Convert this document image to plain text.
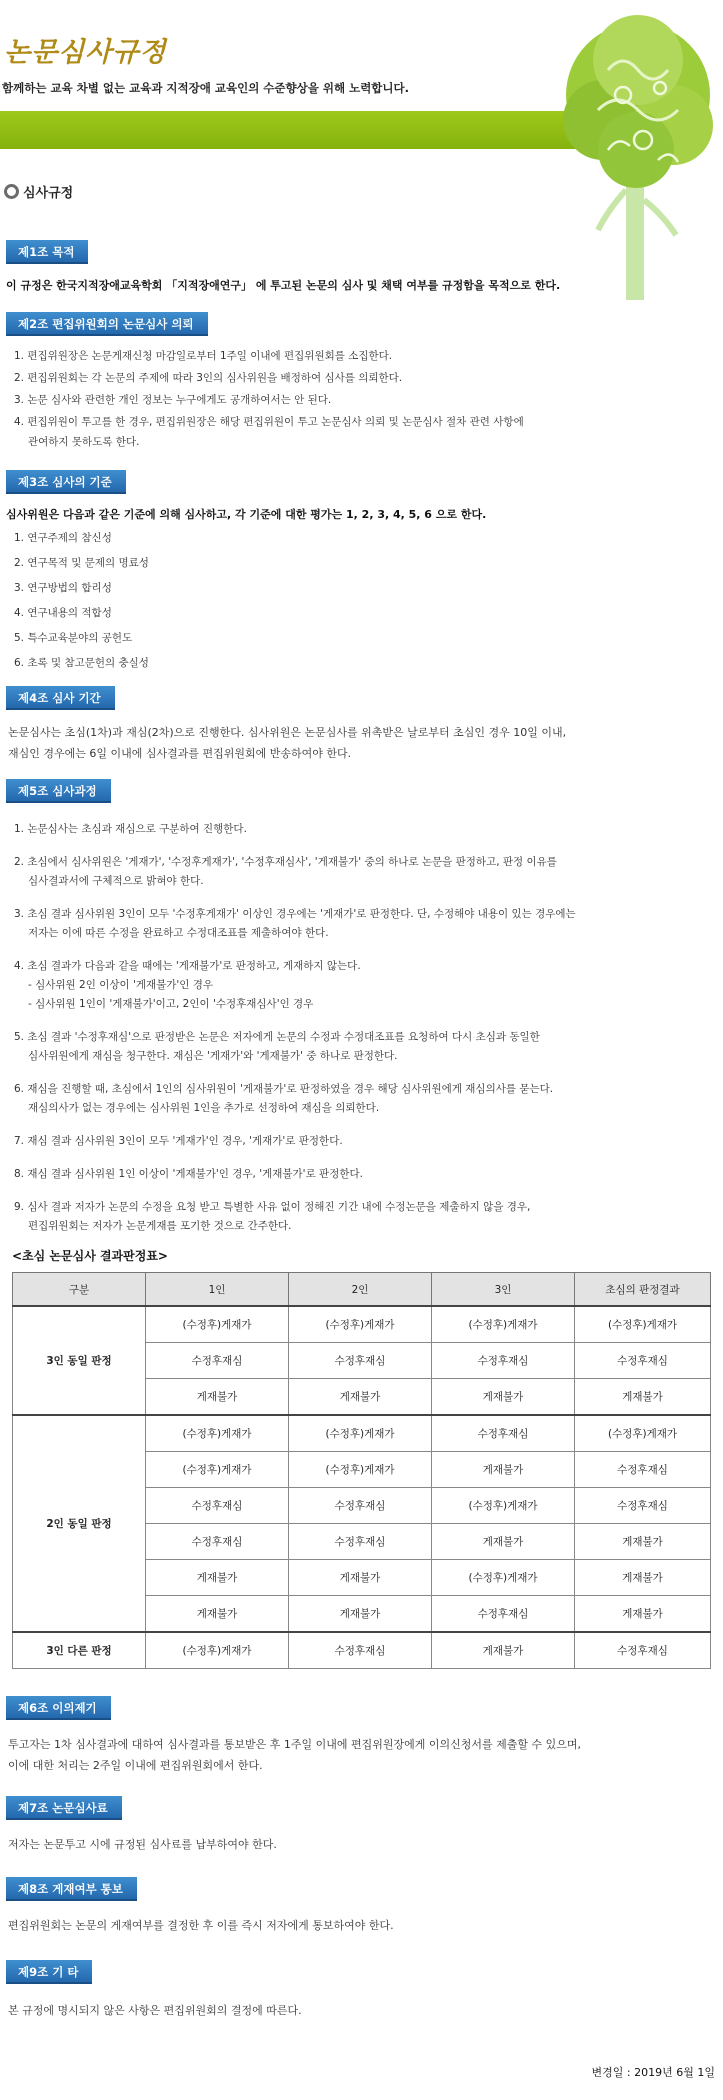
논문심사규정
함께하는 교육 차별 없는 교육과 지적장애 교육인의 수준향상을 위해 노력합니다.
심사규정
제1조 목적
이 규정은 한국지적장애교육학회 「지적장애연구」 에 투고된 논문의 심사 및 채택 여부를 규정함을 목적으로 한다.
제2조 편집위원회의 논문심사 의뢰
1. 편집위원장은 논문게재신청 마감일로부터 1주일 이내에 편집위원회를 소집한다.
2. 편집위원회는 각 논문의 주제에 따라 3인의 심사위원을 배정하여 심사를 의뢰한다.
3. 논문 심사와 관련한 개인 정보는 누구에게도 공개하여서는 안 된다.
4. 편집위원이 투고를 한 경우, 편집위원장은 해당 편집위원이 투고 논문심사 의뢰 및 논문심사 절차 관련 사항에
관여하지 못하도록 한다.
제3조 심사의 기준
심사위원은 다음과 같은 기준에 의해 심사하고, 각 기준에 대한 평가는 1, 2, 3, 4, 5, 6 으로 한다.
1. 연구주제의 참신성
2. 연구목적 및 문제의 명료성
3. 연구방법의 합리성
4. 연구내용의 적합성
5. 특수교육분야의 공헌도
6. 초록 및 참고문헌의 충실성
제4조 심사 기간
논문심사는 초심(1차)과 재심(2차)으로 진행한다. 심사위원은 논문심사를 위촉받은 날로부터 초심인 경우 10일 이내,
재심인 경우에는 6일 이내에 심사결과를 편집위원회에 반송하여야 한다.
제5조 심사과정
1. 논문심사는 초심과 재심으로 구분하여 진행한다.
2. 초심에서 심사위원은 '게재가', '수정후게재가', '수정후재심사', '게재불가' 중의 하나로 논문을 판정하고, 판정 이유를
심사결과서에 구체적으로 밝혀야 한다.
3. 초심 결과 심사위원 3인이 모두 '수정후게재가' 이상인 경우에는 '게재가'로 판정한다. 단, 수정해야 내용이 있는 경우에는
저자는 이에 따른 수정을 완료하고 수정대조표를 제출하여야 한다.
4. 초심 결과가 다음과 같을 때에는 '게재불가'로 판정하고, 게재하지 않는다.
- 심사위원 2인 이상이 '게재불가'인 경우
- 심사위원 1인이 '게재불가'이고, 2인이 '수정후재심사'인 경우
5. 초심 결과 '수정후재심'으로 판정받은 논문은 저자에게 논문의 수정과 수정대조표를 요청하여 다시 초심과 동일한
심사위원에게 재심을 청구한다. 재심은 '게재가'와 '게재불가' 중 하나로 판정한다.
6. 재심을 진행할 때, 초심에서 1인의 심사위원이 '게재불가'로 판정하였을 경우 해당 심사위원에게 재심의사를 묻는다.
재심의사가 없는 경우에는 심사위원 1인을 추가로 선정하여 재심을 의뢰한다.
7. 재심 결과 심사위원 3인이 모두 '게재가'인 경우, '게재가'로 판정한다.
8. 재심 결과 심사위원 1인 이상이 '게재불가'인 경우, '게재불가'로 판정한다.
9. 심사 결과 저자가 논문의 수정을 요청 받고 특별한 사유 없이 정해진 기간 내에 수정논문을 제출하지 않을 경우,
편집위원회는 저자가 논문게재를 포기한 것으로 간주한다.
<초심 논문심사 결과판정표>
구분	1인	2인	3인	초심의 판정결과
3인 동일 판정	(수정후)게재가	(수정후)게재가	(수정후)게재가	(수정후)게재가
	수정후재심	수정후재심	수정후재심	수정후재심
	게재불가	게재불가	게재불가	게재불가
2인 동일 판정	(수정후)게재가	(수정후)게재가	수정후재심	(수정후)게재가
	(수정후)게재가	(수정후)게재가	게재불가	수정후재심
	수정후재심	수정후재심	(수정후)게재가	수정후재심
	수정후재심	수정후재심	게재불가	게재불가
	게재불가	게재불가	(수정후)게재가	게재불가
	게재불가	게재불가	수정후재심	게재불가
3인 다른 판정	(수정후)게재가	수정후재심	게재불가	수정후재심
제6조 이의제기
투고자는 1차 심사결과에 대하여 심사결과를 통보받은 후 1주일 이내에 편집위원장에게 이의신청서를 제출할 수 있으며,
이에 대한 처리는 2주일 이내에 편집위원회에서 한다.
제7조 논문심사료
저자는 논문투고 시에 규정된 심사료를 납부하여야 한다.
제8조 게재여부 통보
편집위원회는 논문의 게재여부를 결정한 후 이를 즉시 저자에게 통보하여야 한다.
제9조 기 타
본 규정에 명시되지 않은 사항은 편집위원회의 결정에 따른다.
변경일 : 2019년 6월 1일
